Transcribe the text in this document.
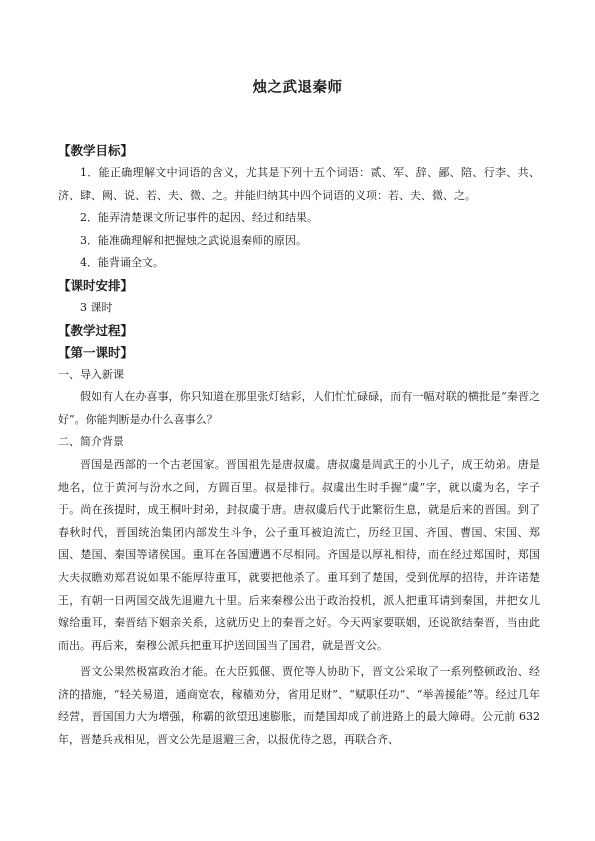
烛之武退秦师
【教学目标】
1．能正确理解文中词语的含义，尤其是下列十五个词语：贰、军、辞、鄙、陪、行李、共、济、肆、阙、说、若、夫、微、之。并能归纳其中四个词语的义项：若、夫、微、之。
2．能弄清楚课文所记事件的起因、经过和结果。
3．能准确理解和把握烛之武说退秦师的原因。
4．能背诵全文。
【课时安排】
3 课时
【教学过程】
【第一课时】
一、导入新课
假如有人在办喜事，你只知道在那里张灯结彩，人们忙忙碌碌，而有一幅对联的横批是“秦晋之好”。你能判断是办什么喜事么？
二、简介背景
晋国是西部的一个古老国家。晋国祖先是唐叔虞。唐叔虞是周武王的小儿子，成王幼弟。唐是地名，位于黄河与汾水之间，方圆百里。叔是排行。叔虞出生时手握“虞”字，就以虞为名，字子于。尚在孩提时，成王桐叶封弟，封叔虞于唐。唐叔虞后代于此繁衍生息，就是后来的晋国。到了春秋时代，晋国统治集团内部发生斗争，公子重耳被迫流亡，历经卫国、齐国、曹国、宋国、郑国、楚国、秦国等诸侯国。重耳在各国遭遇不尽相同。齐国是以厚礼相待，而在经过郑国时，郑国大夫叔瞻劝郑君说如果不能厚待重耳，就要把他杀了。重耳到了楚国，受到优厚的招待，并许诺楚王，有朝一日两国交战先退避九十里。后来秦穆公出于政治投机，派人把重耳请到秦国，并把女儿嫁给重耳，秦晋结下姻亲关系，这就历史上的秦晋之好。今天两家要联姻，还说欲结秦晋，当由此而出。再后来，秦穆公派兵把重耳护送回国当了国君，就是晋文公。
晋文公果然极富政治才能。在大臣狐偃、贾佗等人协助下，晋文公采取了一系列整顿政治、经济的措施，“轻关易道，通商宽农，稼穑劝分，省用足财”、“赋职任功”、“举善援能”等。经过几年经营，晋国国力大为增强，称霸的欲望迅速膨胀，而楚国却成了前进路上的最大障碍。公元前 632 年，晋楚兵戎相见，晋文公先是退避三舍，以报优待之恩，再联合齐、
